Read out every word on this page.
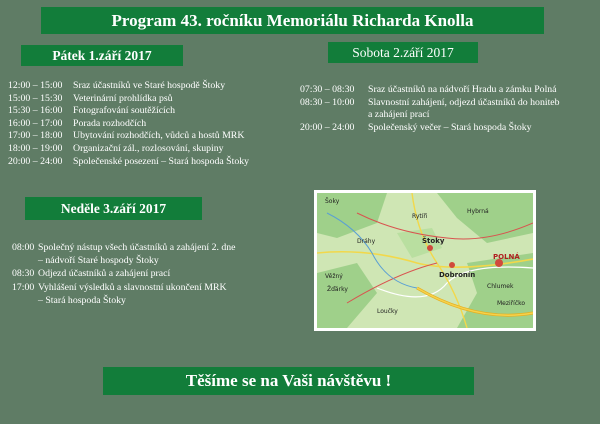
Program 43. ročníku Memoriálu Richarda Knolla
Pátek 1.září 2017	Sobota 2.září 2017
12:00 – 15:00	Sraz účastníků ve Staré hospodě Štoky
15:00 – 15:30	Veterinární prohlídka psů
15:30 – 16:00	Fotografování soutěžících
16:00 – 17:00	Porada rozhodčích
17:00 – 18:00	Ubytování rozhodčích, vůdců a hostů MRK
18:00 – 19:00	Organizační zál., rozlosování, skupiny
20:00 – 24:00	Společenské posezení – Stará hospoda Štoky
07:30 – 08:30	Sraz účastníků na nádvoří Hradu a zámku Polná
08:30 – 10:00	Slavnostní zahájení, odjezd účastníků do honiteb
a zahájení prací
20:00 – 24:00	Společenský večer – Stará hospoda Štoky
Neděle 3.září 2017
08:00 Společný nástup všech účastníků a zahájení 2. dne
– nádvoří Staré hospody Štoky
08:30 Odjezd účastníků a zahájení prací
17:00 Vyhlášení výsledků a slavnostní ukončení MRK
– Stará hospoda Štoky
Šoky
Rytíři
Štoky
Dobronín
POLNÁ
Věžný
Žďárky
Hybrná
Loučky
Chlumek
Meziříčko
Dráhy
Těšíme se na Vaši návštěvu !
